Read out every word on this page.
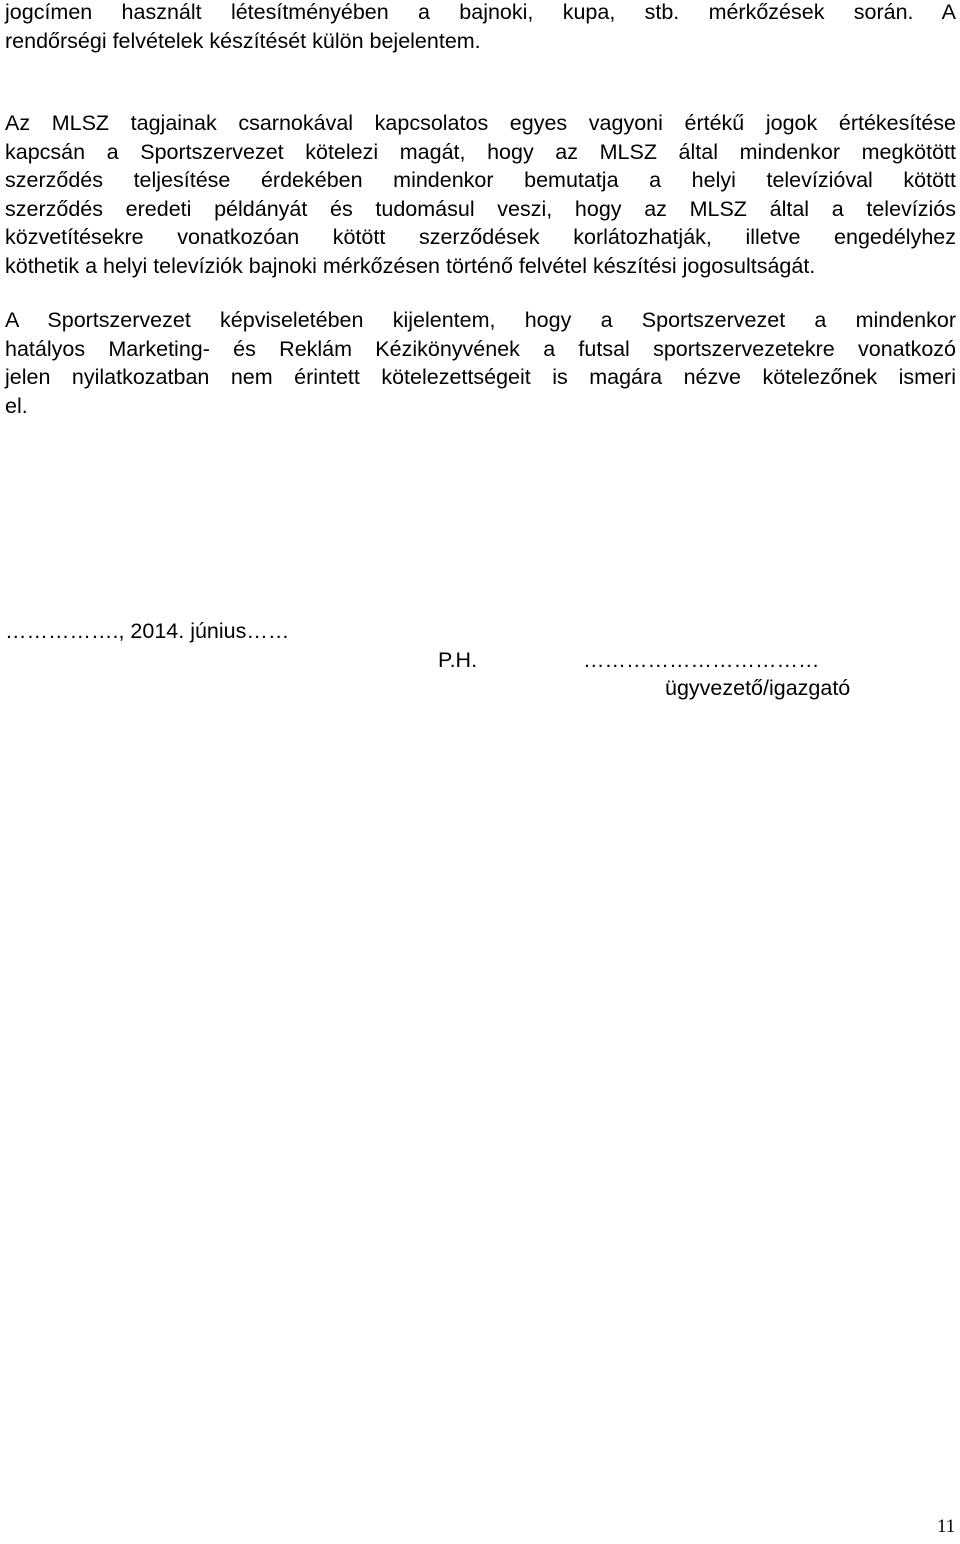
jogcímen használt létesítményében a bajnoki, kupa, stb. mérkőzések során. A
rendőrségi felvételek készítését külön bejelentem.
Az MLSZ tagjainak csarnokával kapcsolatos egyes vagyoni értékű jogok értékesítése
kapcsán a Sportszervezet kötelezi magát, hogy az MLSZ által mindenkor megkötött
szerződés teljesítése érdekében mindenkor bemutatja a helyi televízióval kötött
szerződés eredeti példányát és tudomásul veszi, hogy az MLSZ által a televíziós
közvetítésekre vonatkozóan kötött szerződések korlátozhatják, illetve engedélyhez
köthetik a helyi televíziók bajnoki mérkőzésen történő felvétel készítési jogosultságát.
A Sportszervezet képviseletében kijelentem, hogy a Sportszervezet a mindenkor
hatályos Marketing- és Reklám Kézikönyvének a futsal sportszervezetekre vonatkozó
jelen nyilatkozatban nem érintett kötelezettségeit is magára nézve kötelezőnek ismeri
el.
……………., 2014. június……
P.H.	……………………………
ügyvezető/igazgató
11
